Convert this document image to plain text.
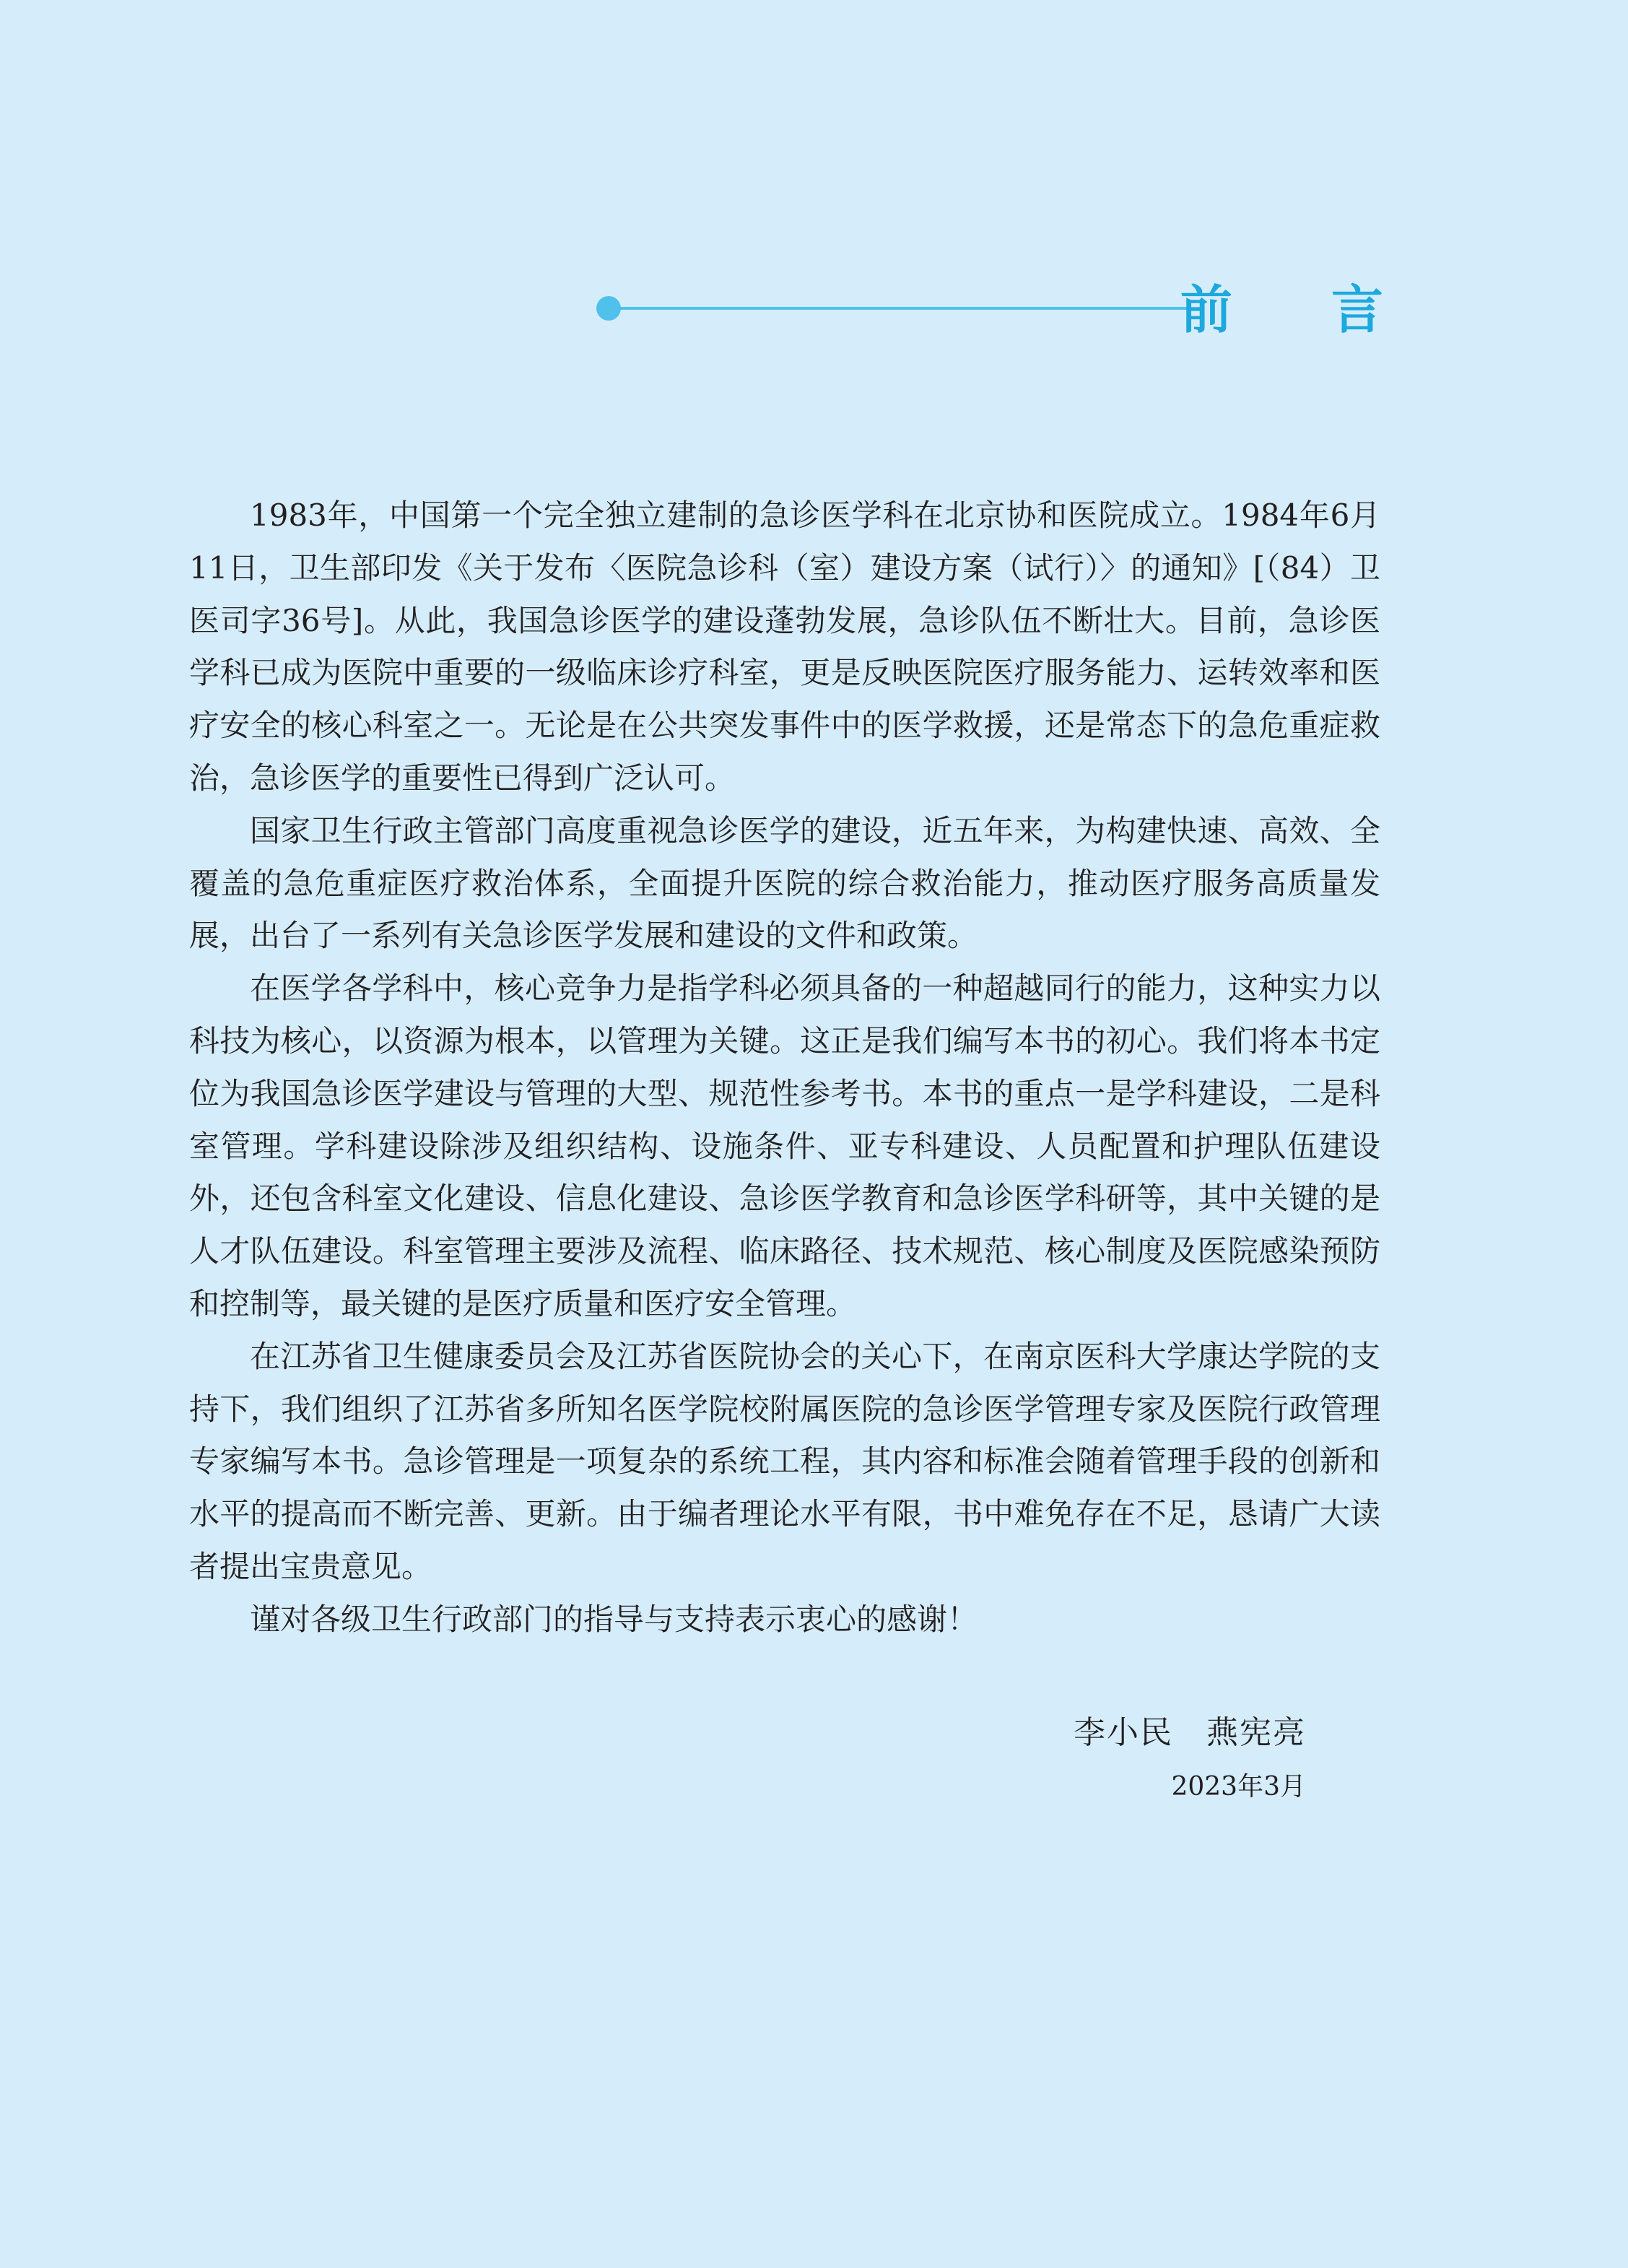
前 言

1983年，中国第一个完全独立建制的急诊医学科在北京协和医院成立。1984年6月11日，卫生部印发《关于发布〈医院急诊科（室）建设方案（试行）〉的通知》[（84）卫医司字36号]。从此，我国急诊医学的建设蓬勃发展，急诊队伍不断壮大。目前，急诊医学科已成为医院中重要的一级临床诊疗科室，更是反映医院医疗服务能力、运转效率和医疗安全的核心科室之一。无论是在公共突发事件中的医学救援，还是常态下的急危重症救治，急诊医学的重要性已得到广泛认可。

国家卫生行政主管部门高度重视急诊医学的建设，近五年来，为构建快速、高效、全覆盖的急危重症医疗救治体系，全面提升医院的综合救治能力，推动医疗服务高质量发展，出台了一系列有关急诊医学发展和建设的文件和政策。

在医学各学科中，核心竞争力是指学科必须具备的一种超越同行的能力，这种实力以科技为核心，以资源为根本，以管理为关键。这正是我们编写本书的初心。我们将本书定位为我国急诊医学建设与管理的大型、规范性参考书。本书的重点一是学科建设，二是科室管理。学科建设除涉及组织结构、设施条件、亚专科建设、人员配置和护理队伍建设外，还包含科室文化建设、信息化建设、急诊医学教育和急诊医学科研等，其中关键的是人才队伍建设。科室管理主要涉及流程、临床路径、技术规范、核心制度及医院感染预防和控制等，最关键的是医疗质量和医疗安全管理。

在江苏省卫生健康委员会及江苏省医院协会的关心下，在南京医科大学康达学院的支持下，我们组织了江苏省多所知名医学院校附属医院的急诊医学管理专家及医院行政管理专家编写本书。急诊管理是一项复杂的系统工程，其内容和标准会随着管理手段的创新和水平的提高而不断完善、更新。由于编者理论水平有限，书中难免存在不足，恳请广大读者提出宝贵意见。

谨对各级卫生行政部门的指导与支持表示衷心的感谢！

李小民　燕宪亮
2023年3月
